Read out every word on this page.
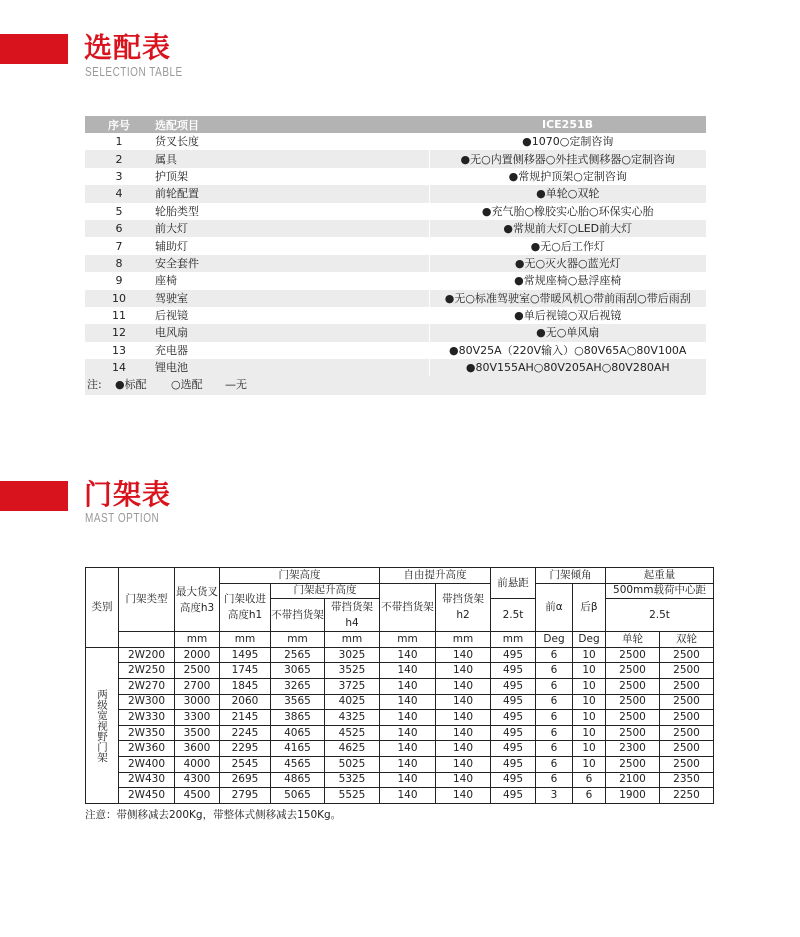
选配表
SELECTION TABLE
序号	选配项目	ICE251B
1	货叉长度	●1070○定制咨询
2	属具	●无○内置侧移器○外挂式侧移器○定制咨询
3	护顶架	●常规护顶架○定制咨询
4	前轮配置	●单轮○双轮
5	轮胎类型	●充气胎○橡胶实心胎○环保实心胎
6	前大灯	●常规前大灯○LED前大灯
7	辅助灯	●无○后工作灯
8	安全套件	●无○灭火器○蓝光灯
9	座椅	●常规座椅○悬浮座椅
10	驾驶室	●无○标准驾驶室○带暖风机○带前雨刮○带后雨刮
11	后视镜	●单后视镜○双后视镜
12	电风扇	●无○单风扇
13	充电器	●80V25A（220V输入）○80V65A○80V100A
14	锂电池	●80V155AH○80V205AH○80V280AH
注: ●标配 ○选配 —无
门架表
MAST OPTION
类别	门架类型	最大货叉高度h3	门架高度			自由提升高度		前悬距	门架倾角		起重量	
			门架收进高度h1	门架起升高度		不带挡货架	带挡货架h2		前α	后β	500mm载荷中心距	
				不带挡货架	带挡货架h4			2.5t			2.5t	
		mm	mm	mm	mm	mm	mm	mm	Deg	Deg	单轮	双轮
两级宽视野门架	2W200	2000	1495	2565	3025	140	140	495	6	10	2500	2500
	2W250	2500	1745	3065	3525	140	140	495	6	10	2500	2500
	2W270	2700	1845	3265	3725	140	140	495	6	10	2500	2500
	2W300	3000	2060	3565	4025	140	140	495	6	10	2500	2500
	2W330	3300	2145	3865	4325	140	140	495	6	10	2500	2500
	2W350	3500	2245	4065	4525	140	140	495	6	10	2500	2500
	2W360	3600	2295	4165	4625	140	140	495	6	10	2300	2500
	2W400	4000	2545	4565	5025	140	140	495	6	10	2500	2500
	2W430	4300	2695	4865	5325	140	140	495	6	6	2100	2350
	2W450	4500	2795	5065	5525	140	140	495	3	6	1900	2250
注意：带侧移减去200Kg，带整体式侧移减去150Kg。
